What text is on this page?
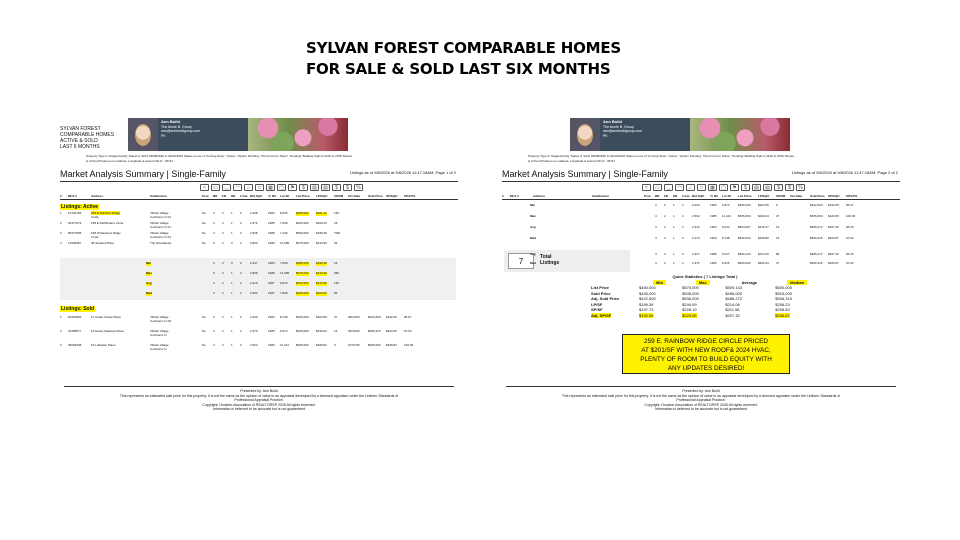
SYLVAN FOREST COMPARABLE HOMES
FOR SALE & SOLD LAST SIX MONTHS
SYLVAN FOREST
COMPARABLE HOMES
ACTIVE & SOLD
LAST 6 MONTHS
Ann Build
The Annie B. Group
ann@annbuildgroup.com
PK
Property Type is 'Single-Family' Status is 'Sold' 09/08/2026 to 03/12/2026 Status is one of 'Coming Soon', 'Active', 'Option Pending', 'Pend Cont to Show', 'Pending' Building SqFt is 2100 to 2700 Stories
is 2 Pool Private is no Latitude, Longitude is around 30.17, -95.51
Market Analysis Summary | Single-Family	Listings as of 9/8/2026 at 9/8/2026 11:47:18AM, Page 1 of 2
≈	▭	◡	◠	⌂	□	▦	▢	⚑	$	▤	▤	$	$	%
# MLS #	Address	Subdivision	Pool BR FB HB # Gar Bld SqFt Yr Blt Lot SF List Price LP/SqFt CDOM Clo Date	Sold Price SP/SqFt SP/LP%
Listings: Active
1 16734166	259 E Rainbow Ridge
Circle
Villnds Village
Cochrans Cr 01
No 4 2 1 2	2,408	1984 8,225	$485,000 $201.41 150
2 92377672	158 E Pathfinders Circle	Villnds Village
Cochrans Cr 01
No 4 2 1 2	2,376	1985 7,009	$460,000 $206.23 18
3 80377665	168 W Rainbow Ridge
Circle
Villnds Village
Cochrans Cr 01
No 4 2 1 2	2,508	1988 7,449	$500,000 $199.36 *360
4 11500087	38 Skyland Place	The Woodlands	No 5 2 0 2	2,893	1989 13,386 $575,000 $244.99 93
Min	3 2 0 2	2,347	1984 7,009	$485,000 $199.36 16
Max	5 2 1 2	2,808	1989 13,386 $575,000 $244.99 360
Avg	4 2 1 2	2,410	1987 9,016	$512,500 $213.09 135
Med	4 2 1 2	2,392	1987 7,838	$495,000 $203.82 82
Listings: Sold
1 60418062	11 Cedar Chase Place	Villnds Village
Cochrans Cr 06
No 3 2 1 2	2,200	1984 8,738	$450,000 $204.55 37	08/12/26	$422,500 $192.05 95.67
2 34458677	14 Dusky Meadow Place	Villnds Village
Cochrans Cr
No 4 2 1 2	2,270	1985 6,974	$529,000 $233.04 15	05/15/26	$506,315 $223.05 97.92
3 35009348	16 Lullwater Place	Villnds Village
Cochrans Cr
No 4 2 1 2	2,562	1983 11,413 $535,000 $208.82 0	07/07/26	$535,000 $208.82 100.00
Presented by: Ann Build
This represents an estimated sale price for this property. It is not the same as the opinion of value in an appraisal developed by a licensed appraiser under the Uniform Standards of
Professional Appraisal Practice.
Copyright: Houston Association of REALTORS® 2026 All rights reserved.
Information is believed to be accurate but is not guaranteed
Ann Build
The Annie B. Group
ann@annbuildgroup.com
PK
Property Type is 'Single-Family' Status is 'Sold' 09/08/2026 to 03/12/2026 Status is one of 'Coming Soon', 'Active', 'Option Pending', 'Pend Cont to Show', 'Pending' Building SqFt is 2100 to 2700 Stories
is 2 Pool Private is no Latitude, Longitude is around 30.17, -95.51
Market Analysis Summary | Single-Family	Listings as of 9/8/2026 at 9/8/2026 11:47:18AM, Page 2 of 2
≈	▭	◡	◠	⌂	□	▦	▢	⚑	$	▤	▤	$	$	%
# MLS #	Address	Subdivision	Pool BR FB HB # Gar Bld SqFt Yr Blt Lot SF List Price LP/SqFt CDOM Clo Date	Sold Price SP/SqFt SP/LP%
Min	3 2 1 2	2,200	1983 6,974	$450,000 $204.55 0	$422,500 $192.05 95.67
Max	4 2 1 2	2,562	1985 11,413 $535,000 $233.04 37	$535,000 $223.05 100.00
Avg	4 2 1 2	2,344	1984 9,042	$504,667 $215.47 19	$486,272 $207.32 96.20
Med	4 2 1 2	2,270	1984 8,738	$529,000 $208.82 15	$506,315 $206.87 97.92
7	Total
Listings
Avg	4 2 1 2	2,327	1986 9,027	$509,143 $214.06 85	$486,272 $207.32 96.20
Med	4 2 1 2	2,376	1985 8,225	$500,000 $206.23 37	$506,315 $206.87 97.92
Quick Statistics ( 7 Listings Total )
	Min	Max	Average	Median
List Price	$450,000	$575,000	$509,143	$500,000
Sold Price	$435,000	$535,000	$496,000	$515,000
Adj. Sold Price	$422,500	$536,000	$486,272	$506,315
LP/SF	$199.36	$244.99	$214.06	$206.23
SP/SF	$197.73	$228.19	$211.58	$208.82
Adj. SP/SF	$192.05	$223.05	$207.32	$206.87
259 E. RAINBOW RIDGE CIRCLE PRICED
AT $201/SF WITH NEW ROOF& 2024 HVAC,
PLENTY OF ROOM TO BUILD EQUITY WITH
ANY UPDATES DESIRED!
Presented by: Ann Build
This represents an estimated sale price for this property. It is not the same as the opinion of value in an appraisal developed by a licensed appraiser under the Uniform Standards of
Professional Appraisal Practice.
Copyright: Houston Association of REALTORS® 2026 All rights reserved.
Information is believed to be accurate but is not guaranteed
